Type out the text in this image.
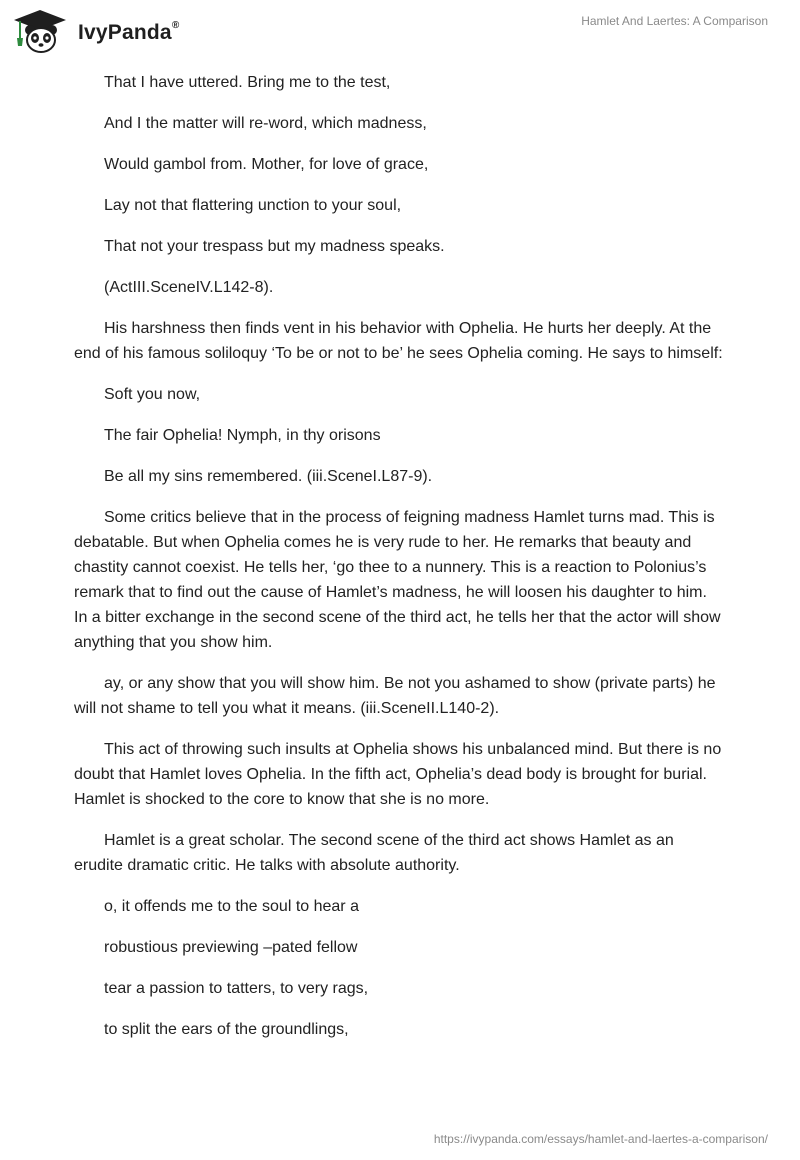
IvyPanda®	Hamlet And Laertes: A Comparison

That I have uttered. Bring me to the test,

And I the matter will re-word, which madness,

Would gambol from. Mother, for love of grace,

Lay not that flattering unction to your soul,

That not your trespass but my madness speaks.

(ActIII.SceneIV.L142-8).

His harshness then finds vent in his behavior with Ophelia. He hurts her deeply. At the end of his famous soliloquy ‘To be or not to be’ he sees Ophelia coming. He says to himself:

Soft you now,

The fair Ophelia! Nymph, in thy orisons

Be all my sins remembered. (iii.SceneI.L87-9).

Some critics believe that in the process of feigning madness Hamlet turns mad. This is debatable. But when Ophelia comes he is very rude to her. He remarks that beauty and chastity cannot coexist. He tells her, ‘go thee to a nunnery. This is a reaction to Polonius’s remark that to find out the cause of Hamlet’s madness, he will loosen his daughter to him. In a bitter exchange in the second scene of the third act, he tells her that the actor will show anything that you show him.

ay, or any show that you will show him. Be not you ashamed to show (private parts) he will not shame to tell you what it means. (iii.SceneII.L140-2).

This act of throwing such insults at Ophelia shows his unbalanced mind. But there is no doubt that Hamlet loves Ophelia. In the fifth act, Ophelia’s dead body is brought for burial. Hamlet is shocked to the core to know that she is no more.

Hamlet is a great scholar. The second scene of the third act shows Hamlet as an erudite dramatic critic. He talks with absolute authority.

o, it offends me to the soul to hear a

robustious previewing –pated fellow

tear a passion to tatters, to very rags,

to split the ears of the groundlings,

https://ivypanda.com/essays/hamlet-and-laertes-a-comparison/
